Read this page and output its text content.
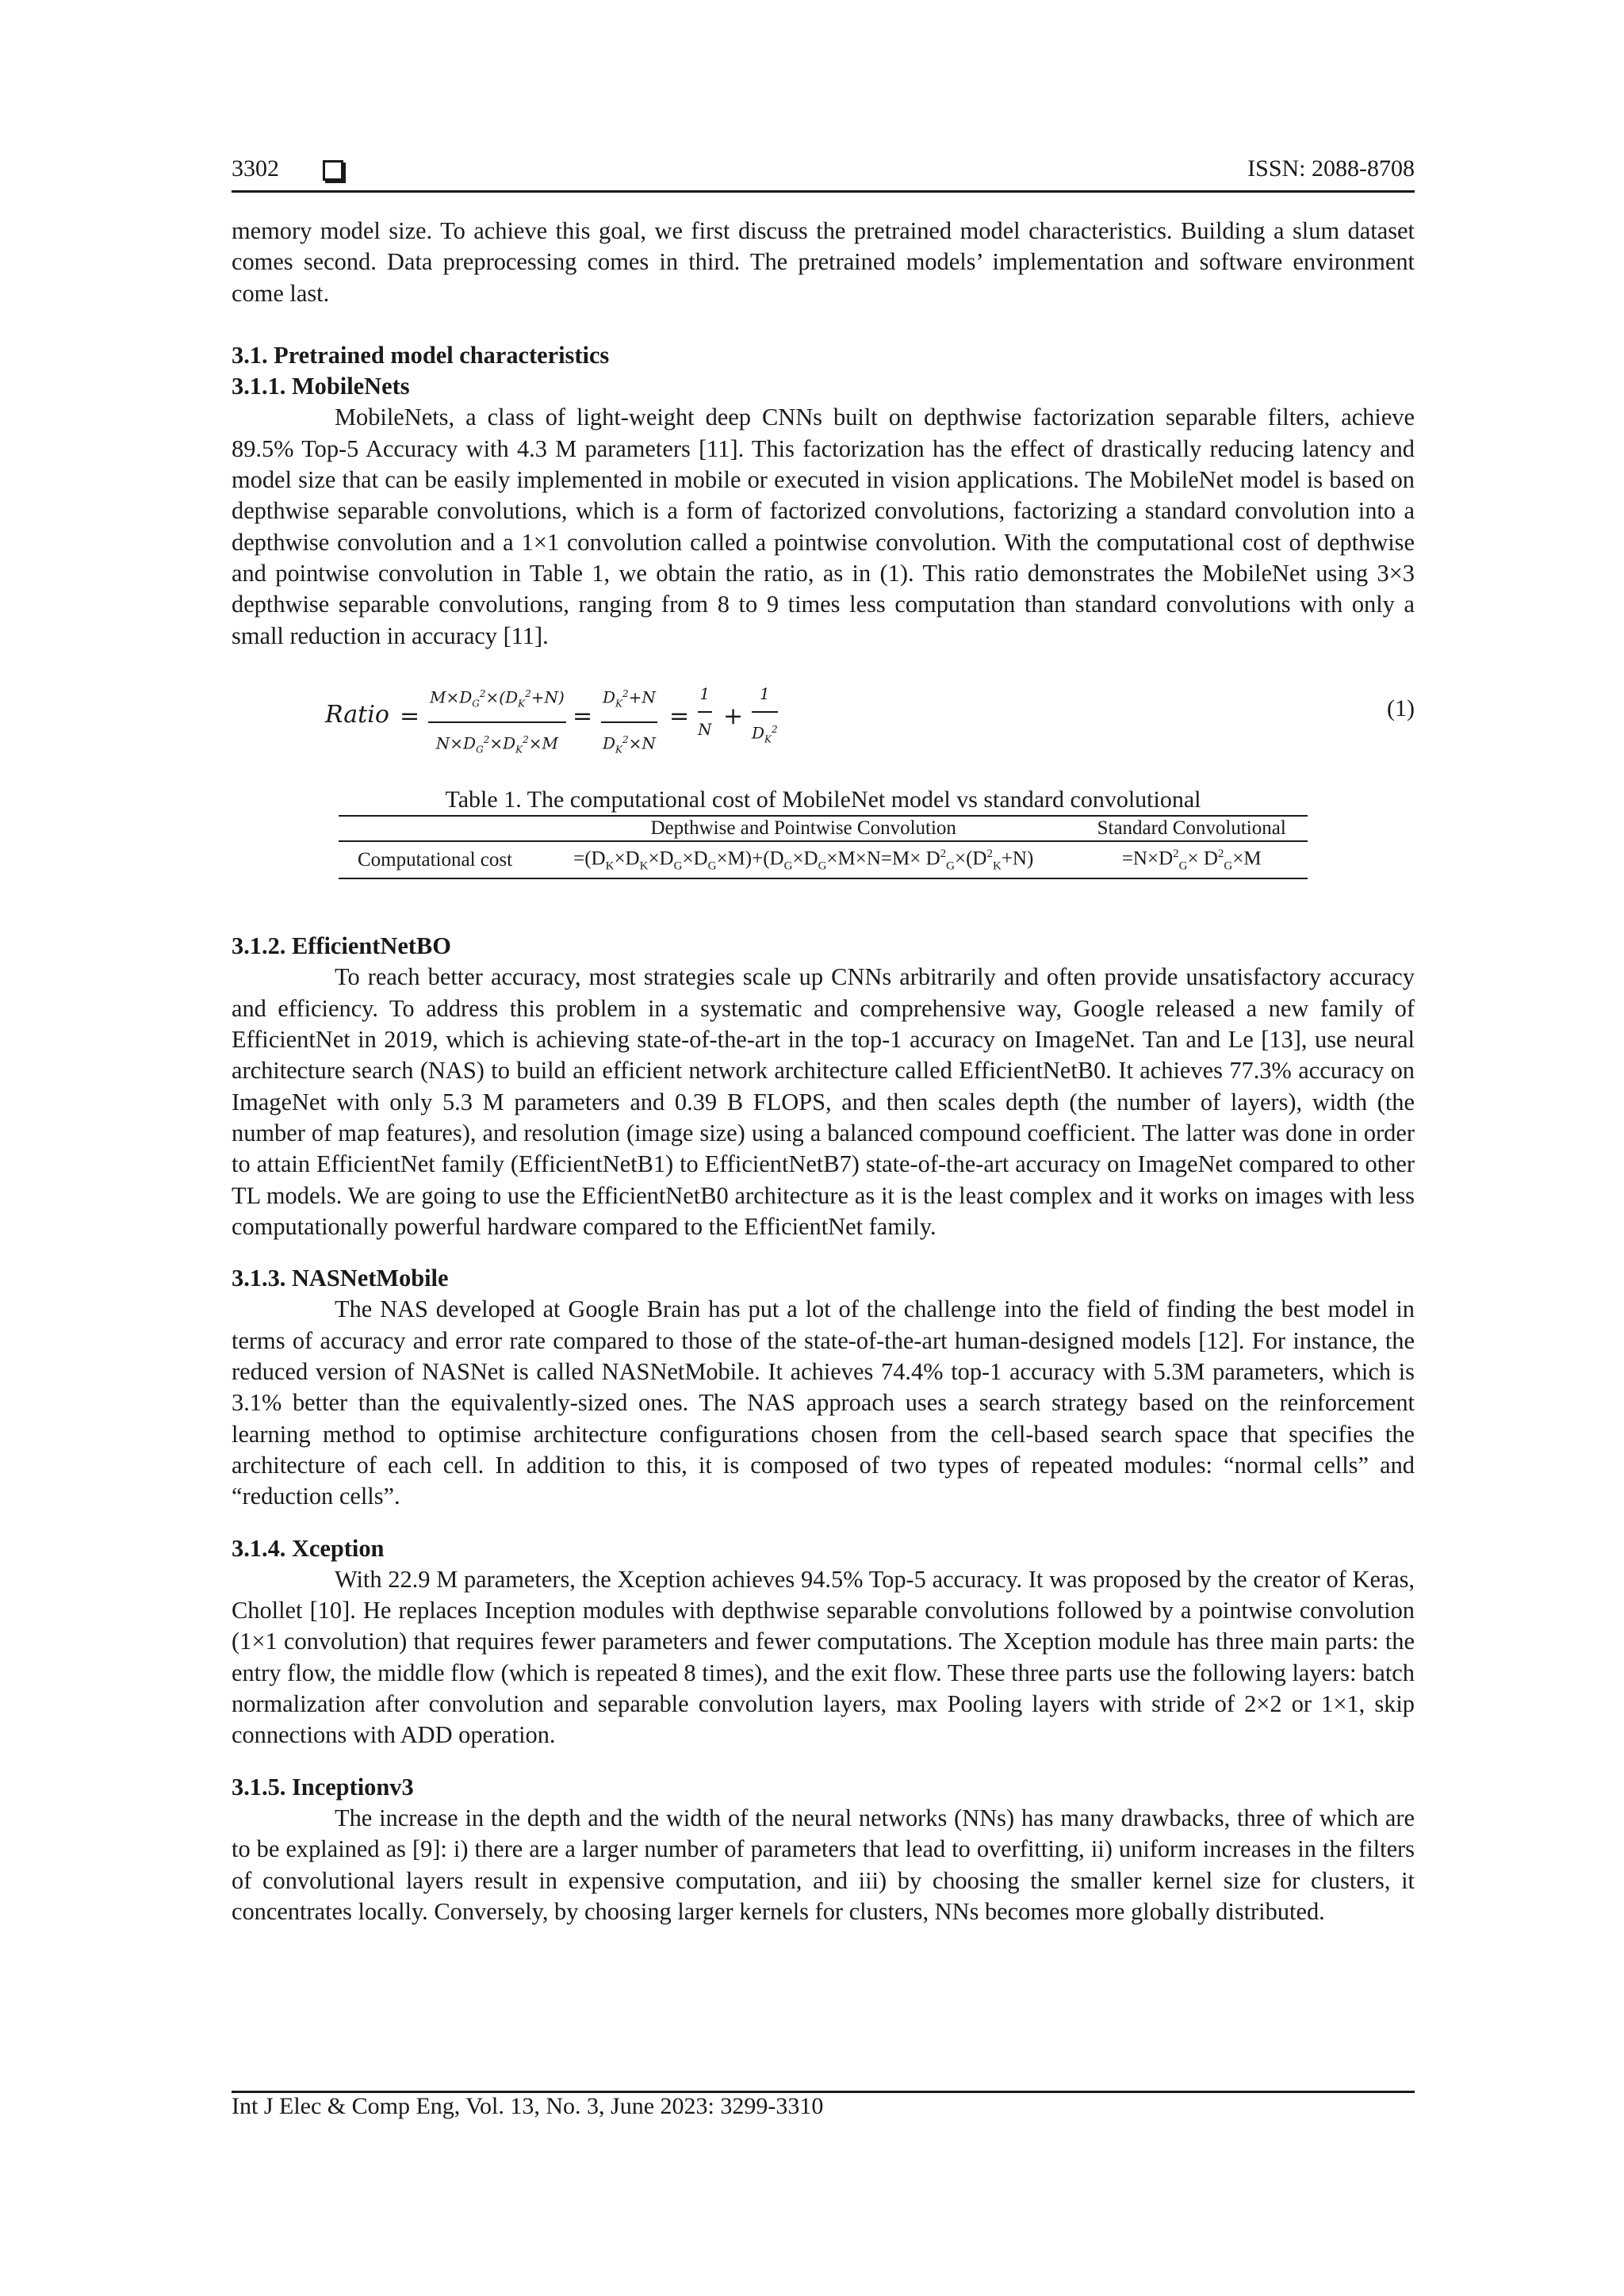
3302	ISSN: 2088-8708

memory model size. To achieve this goal, we first discuss the pretrained model characteristics. Building a slum dataset comes second. Data preprocessing comes in third. The pretrained models’ implementation and software environment come last.

3.1. Pretrained model characteristics
3.1.1. MobileNets

MobileNets, a class of light-weight deep CNNs built on depthwise factorization separable filters, achieve 89.5% Top-5 Accuracy with 4.3 M parameters [11]. This factorization has the effect of drastically reducing latency and model size that can be easily implemented in mobile or executed in vision applications. The MobileNet model is based on depthwise separable convolutions, which is a form of factorized convolutions, factorizing a standard convolution into a depthwise convolution and a 1×1 convolution called a pointwise convolution. With the computational cost of depthwise and pointwise convolution in Table 1, we obtain the ratio, as in (1). This ratio demonstrates the MobileNet using 3×3 depthwise separable convolutions, ranging from 8 to 9 times less computation than standard convolutions with only a small reduction in accuracy [11].

Ratio = $\frac{M\times D_G^2\times(D_K^2+N)}{N\times D_G^2\times D_K^2\times M} = \frac{D_K^2+N}{D_K^2\times N} = \frac{1}{N} + \frac{1}{D_K^2}$	(1)
Table 1. The computational cost of MobileNet model vs standard convolutional
	Depthwise and Pointwise Convolution	Standard Convolutional
Computational cost	$=(D_K\times D_K\times D_G\times D_G\times M)+(D_G\times D_G\times M\times N=M\times D^2_G\times(D^2_K+N)$	$=N\times D^2_G\times D^2_G\times M$
3.1.2. EfficientNetBO

To reach better accuracy, most strategies scale up CNNs arbitrarily and often provide unsatisfactory accuracy and efficiency. To address this problem in a systematic and comprehensive way, Google released a new family of EfficientNet in 2019, which is achieving state-of-the-art in the top-1 accuracy on ImageNet. Tan and Le [13], use neural architecture search (NAS) to build an efficient network architecture called EfficientNetB0. It achieves 77.3% accuracy on ImageNet with only 5.3 M parameters and 0.39 B FLOPS, and then scales depth (the number of layers), width (the number of map features), and resolution (image size) using a balanced compound coefficient. The latter was done in order to attain EfficientNet family (EfficientNetB1) to EfficientNetB7) state-of-the-art accuracy on ImageNet compared to other TL models. We are going to use the EfficientNetB0 architecture as it is the least complex and it works on images with less computationally powerful hardware compared to the EfficientNet family.

3.1.3. NASNetMobile

The NAS developed at Google Brain has put a lot of the challenge into the field of finding the best model in terms of accuracy and error rate compared to those of the state-of-the-art human-designed models [12]. For instance, the reduced version of NASNet is called NASNetMobile. It achieves 74.4% top-1 accuracy with 5.3M parameters, which is 3.1% better than the equivalently-sized ones. The NAS approach uses a search strategy based on the reinforcement learning method to optimise architecture configurations chosen from the cell-based search space that specifies the architecture of each cell. In addition to this, it is composed of two types of repeated modules: “normal cells” and “reduction cells”.

3.1.4. Xception

With 22.9 M parameters, the Xception achieves 94.5% Top-5 accuracy. It was proposed by the creator of Keras, Chollet [10]. He replaces Inception modules with depthwise separable convolutions followed by a pointwise convolution (1×1 convolution) that requires fewer parameters and fewer computations. The Xception module has three main parts: the entry flow, the middle flow (which is repeated 8 times), and the exit flow. These three parts use the following layers: batch normalization after convolution and separable convolution layers, max Pooling layers with stride of 2×2 or 1×1, skip connections with ADD operation.

3.1.5. Inceptionv3

The increase in the depth and the width of the neural networks (NNs) has many drawbacks, three of which are to be explained as [9]: i) there are a larger number of parameters that lead to overfitting, ii) uniform increases in the filters of convolutional layers result in expensive computation, and iii) by choosing the smaller kernel size for clusters, it concentrates locally. Conversely, by choosing larger kernels for clusters, NNs becomes more globally distributed.

Int J Elec & Comp Eng, Vol. 13, No. 3, June 2023: 3299-3310
